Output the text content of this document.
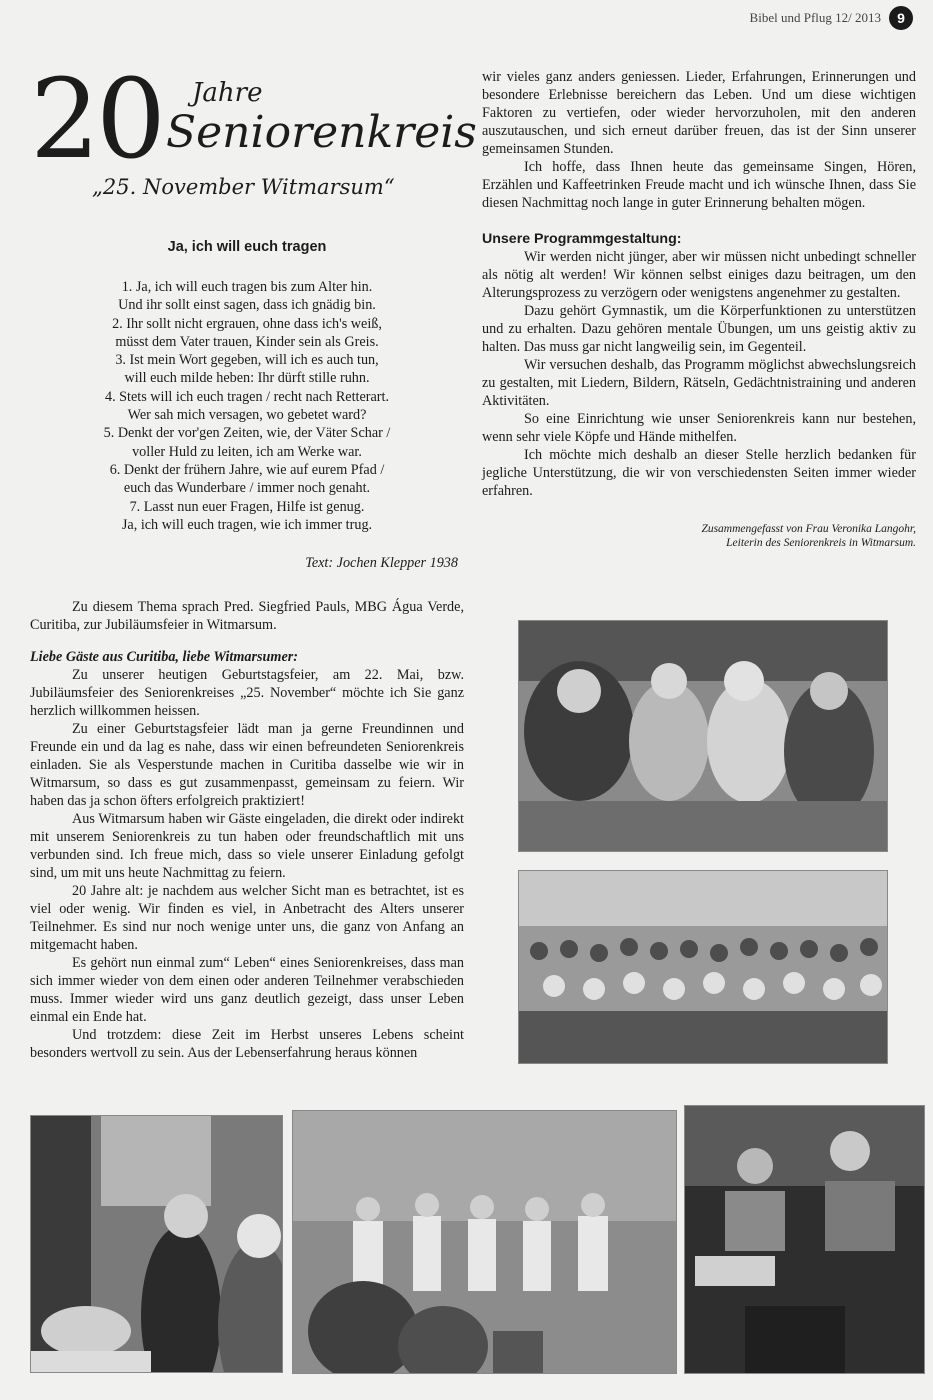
Bibel und Pflug 12/ 2013	9
20 Jahre
Seniorenkreis
„25. November Witmarsum“
Ja, ich will euch tragen
1. Ja, ich will euch tragen bis zum Alter hin.
Und ihr sollt einst sagen, dass ich gnädig bin.
2. Ihr sollt nicht ergrauen, ohne dass ich's weiß,
müsst dem Vater trauen, Kinder sein als Greis.
3. Ist mein Wort gegeben, will ich es auch tun,
will euch milde heben: Ihr dürft stille ruhn.
4. Stets will ich euch tragen / recht nach Retterart.
Wer sah mich versagen, wo gebetet ward?
5. Denkt der vor'gen Zeiten, wie, der Väter Schar /
voller Huld zu leiten, ich am Werke war.
6. Denkt der frühern Jahre, wie auf eurem Pfad /
euch das Wunderbare / immer noch genaht.
7. Lasst nun euer Fragen, Hilfe ist genug.
Ja, ich will euch tragen, wie ich immer trug.
Text: Jochen Klepper 1938

Zu diesem Thema sprach Pred. Siegfried Pauls, MBG Água Verde, Curitiba, zur Jubiläumsfeier in Witmarsum.

Liebe Gäste aus Curitiba, liebe Witmarsumer:

Zu unserer heutigen Geburtstagsfeier, am 22. Mai, bzw. Jubiläumsfeier des Seniorenkreises „25. November“ möchte ich Sie ganz herzlich willkommen heissen.

Zu einer Geburtstagsfeier lädt man ja gerne Freundinnen und Freunde ein und da lag es nahe, dass wir einen befreundeten Seniorenkreis einladen. Sie als Vesperstunde machen in Curitiba dasselbe wie wir in Witmarsum, so dass es gut zusammenpasst, gemeinsam zu feiern. Wir haben das ja schon öfters erfolgreich praktiziert!

Aus Witmarsum haben wir Gäste eingeladen, die direkt oder indirekt mit unserem Seniorenkreis zu tun haben oder freundschaftlich mit uns verbunden sind. Ich freue mich, dass so viele unserer Einladung gefolgt sind, um mit uns heute Nachmittag zu feiern.

20 Jahre alt: je nachdem aus welcher Sicht man es betrachtet, ist es viel oder wenig. Wir finden es viel, in Anbetracht des Alters unserer Teilnehmer. Es sind nur noch wenige unter uns, die ganz von Anfang an mitgemacht haben.

Es gehört nun einmal zum“ Leben“ eines Seniorenkreises, dass man sich immer wieder von dem einen oder anderen Teilnehmer verabschieden muss. Immer wieder wird uns ganz deutlich gezeigt, dass unser Leben einmal ein Ende hat.

Und trotzdem: diese Zeit im Herbst unseres Lebens scheint besonders wertvoll zu sein. Aus der Lebenserfahrung heraus können

wir vieles ganz anders geniessen. Lieder, Erfahrungen, Erinnerungen und besondere Erlebnisse bereichern das Leben. Und um diese wichtigen Faktoren zu vertiefen, oder wieder hervorzuholen, mit den anderen auszutauschen, und sich erneut darüber freuen, das ist der Sinn unserer gemeinsamen Stunden.

Ich hoffe, dass Ihnen heute das gemeinsame Singen, Hören, Erzählen und Kaffeetrinken Freude macht und ich wünsche Ihnen, dass Sie diesen Nachmittag noch lange in guter Erinnerung behalten mögen.

Unsere Programmgestaltung:

Wir werden nicht jünger, aber wir müssen nicht unbedingt schneller als nötig alt werden! Wir können selbst einiges dazu beitragen, um den Alterungsprozess zu verzögern oder wenigstens angenehmer zu gestalten.

Dazu gehört Gymnastik, um die Körperfunktionen zu unterstützen und zu erhalten. Dazu gehören mentale Übungen, um uns geistig aktiv zu halten. Das muss gar nicht langweilig sein, im Gegenteil.

Wir versuchen deshalb, das Programm möglichst abwechslungsreich zu gestalten, mit Liedern, Bildern, Rätseln, Gedächtnistraining und anderen Aktivitäten.

So eine Einrichtung wie unser Seniorenkreis kann nur bestehen, wenn sehr viele Köpfe und Hände mithelfen.

Ich möchte mich deshalb an dieser Stelle herzlich bedanken für jegliche Unterstützung, die wir von verschiedensten Seiten immer wieder erfahren.

Zusammengefasst von Frau Veronika Langohr,
Leiterin des Seniorenkreis in Witmarsum.
